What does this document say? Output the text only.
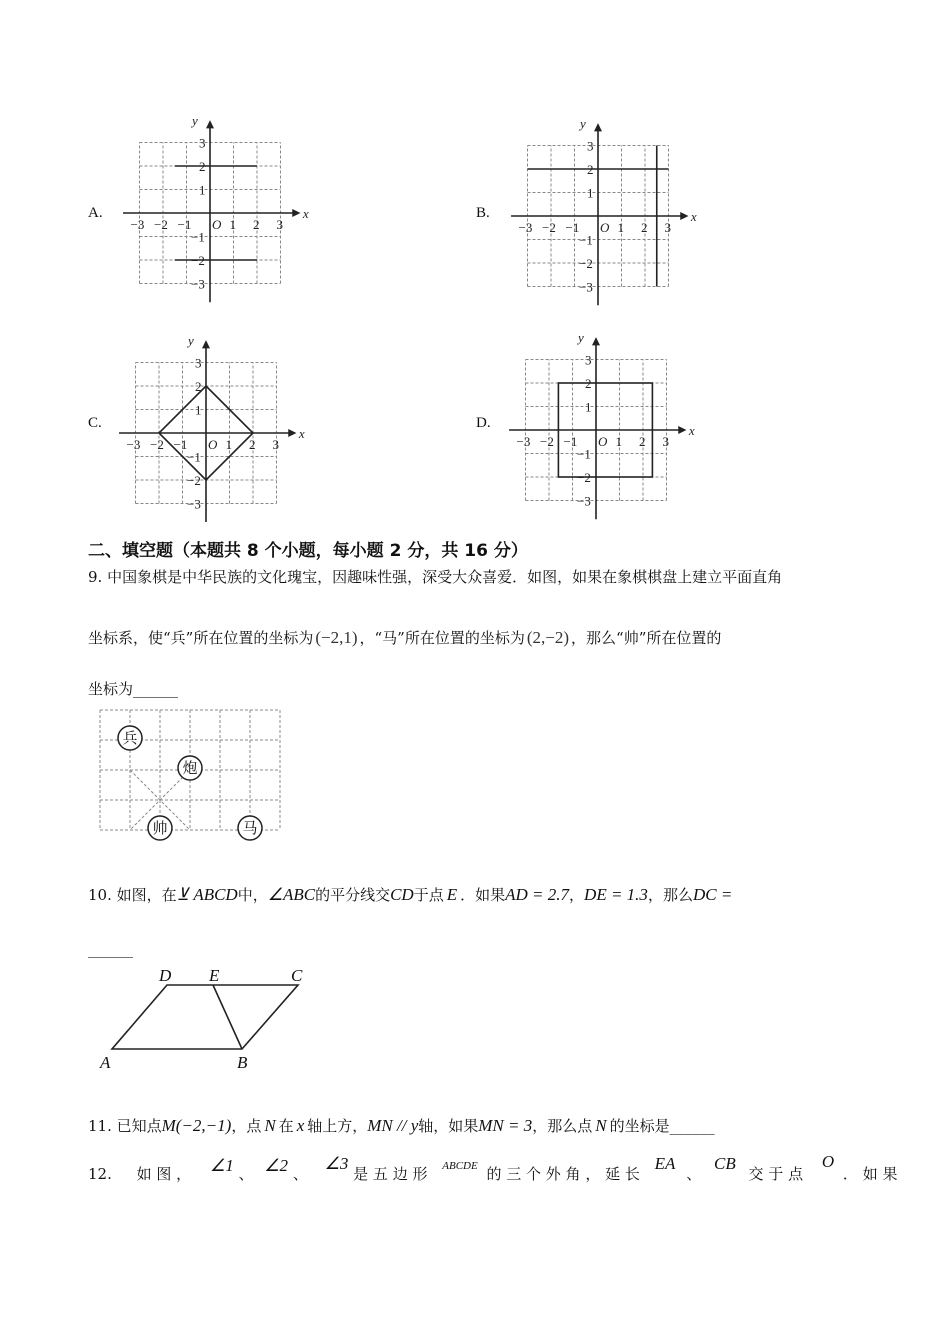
A.	B.
C.	D.
x
y
O
−3 −2 −1	1 2 3
3
2
1
−1
−2
−3
x
y
O
−3 −2 −1	1 2 3
3
2
1
−1
−2
−3
x
y
O
−3 −2 −1	1 2 3
3
2
1
−1
−2
−3
x
y
O
−3 −2 −1	1 2 3
3
2
1
−1
−2
−3
二、填空题（本题共 8 个小题，每小题 2 分，共 16 分）
9. 中国象棋是中华民族的文化瑰宝，因趣味性强，深受大众喜爱．如图，如果在象棋棋盘上建立平面直角
坐标系，使“兵”所在位置的坐标为 (−2,1) ，“马”所在位置的坐标为 (2,−2) ，那么“帅”所在位置的
坐标为______
兵
炮
帅	马
10. 如图，在⊻ ABCD中，∠ABC的平分线交CD于点 E ．如果AD = 2.7，DE = 1.3，那么DC =
______
D E	C
A	B
11. 已知点M(−2,−1)，点 N 在 x 轴上方，MN // y轴，如果MN = 3，那么点 N 的坐标是______
12. 如 图 ， ∠1 、 ∠2 、 ∠3 是 五 边 形 $^{ABCDE}$ 的 三 个 外 角 ， 延 长 EA 、 CB 交 于 点 O ． 如 果
